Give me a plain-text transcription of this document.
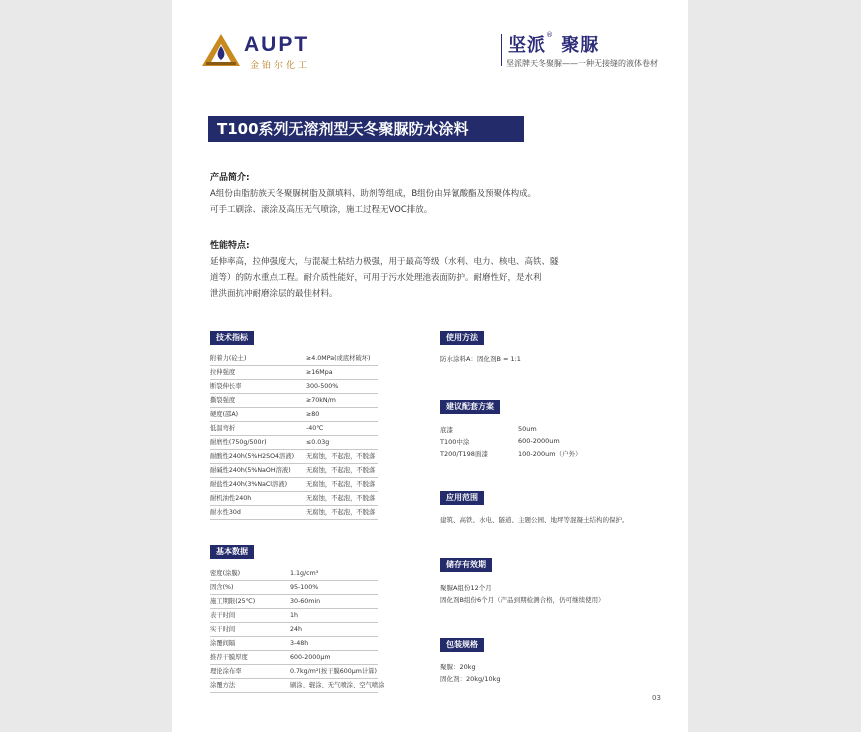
AUPT
金铂尔化工
坚派® 聚脲
坚派牌天冬聚脲——一种无接缝的液体卷材
T100系列无溶剂型天冬聚脲防水涂料
产品简介:
A组份由脂肪族天冬聚脲树脂及颜填料、助剂等组成，B组份由异氰酸酯及预聚体构成。
可手工刷涂、滚涂及高压无气喷涂，施工过程无VOC排放。
性能特点:
延伸率高，拉伸强度大，与混凝土粘结力极强，用于最高等级（水利、电力、核电、高铁、隧
道等）的防水重点工程。耐介质性能好，可用于污水处理池表面防护。耐磨性好，是水利
泄洪面抗冲耐磨涂层的最佳材料。
技术指标
附着力(砼土)	≥4.0MPa(或底材破坏)
拉伸强度	≥16Mpa
断裂伸长率	300-500%
撕裂强度	≥70kN/m
硬度(邵A)	≥80
低温弯折	-40℃
耐磨性(750g/500r)	≤0.03g
耐酸性240h(5%H2SO4溶液) 无腐蚀，不起泡，不脱落
耐碱性240h(5%NaOH溶液) 无腐蚀，不起泡，不脱落
耐盐性240h(3%NaCl溶液)	无腐蚀，不起泡，不脱落
耐机油性240h	无腐蚀，不起泡，不脱落
耐水性30d	无腐蚀，不起泡，不脱落
基本数据
密度(涂膜)	1.1g/cm³
固含(%)	95-100%
施工期限(25℃)	30-60min
表干时间	1h
实干时间	24h
涂覆间隔	3-48h
推荐干膜厚度	600-2000μm
理论涂布率	0.7kg/m²(按干膜600μm计算)
涂覆方法	刷涂、辊涂、无气喷涂、空气喷涂
使用方法
防水涂料A：固化剂B = 1:1
建议配套方案
底漆	50um
T100中涂	600-2000um
T200/T198面漆	100-200um（户外）
应用范围
建筑、高铁、水电、隧道、主题公园、地坪等混凝土结构的保护。
储存有效期
聚脲A组份12个月
固化剂B组份6个月（产品到期检测合格，仍可继续使用）
包装规格
聚脲：20kg
固化剂：20kg/10kg
03
